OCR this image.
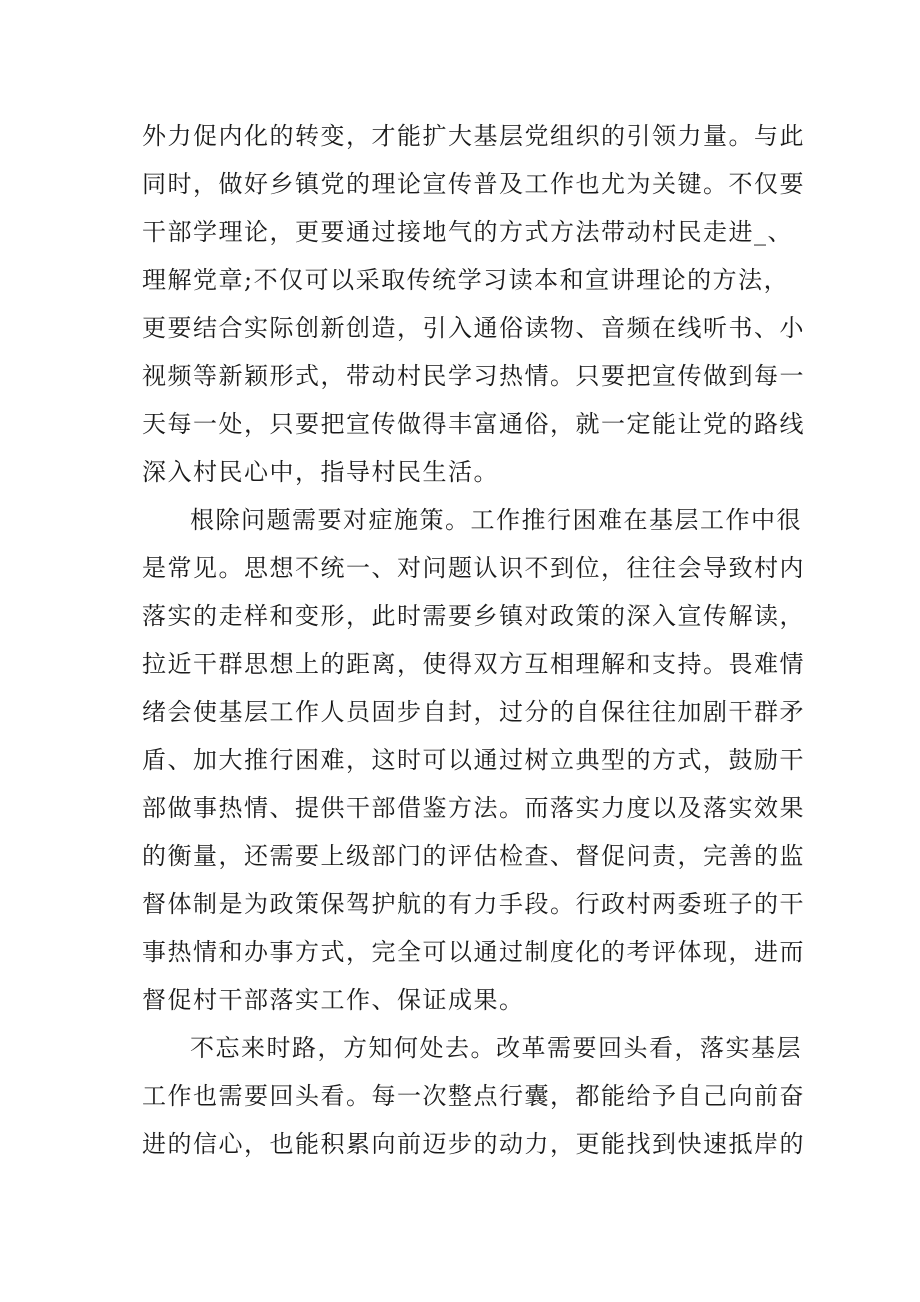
外力促内化的转变，才能扩大基层党组织的引领力量。与此
同时，做好乡镇党的理论宣传普及工作也尤为关键。不仅要
干部学理论，更要通过接地气的方式方法带动村民走进_、
理解党章;不仅可以采取传统学习读本和宣讲理论的方法，
更要结合实际创新创造，引入通俗读物、音频在线听书、小
视频等新颖形式，带动村民学习热情。只要把宣传做到每一
天每一处，只要把宣传做得丰富通俗，就一定能让党的路线
深入村民心中，指导村民生活。
根除问题需要对症施策。工作推行困难在基层工作中很
是常见。思想不统一、对问题认识不到位，往往会导致村内
落实的走样和变形，此时需要乡镇对政策的深入宣传解读，
拉近干群思想上的距离，使得双方互相理解和支持。畏难情
绪会使基层工作人员固步自封，过分的自保往往加剧干群矛
盾、加大推行困难，这时可以通过树立典型的方式，鼓励干
部做事热情、提供干部借鉴方法。而落实力度以及落实效果
的衡量，还需要上级部门的评估检查、督促问责，完善的监
督体制是为政策保驾护航的有力手段。行政村两委班子的干
事热情和办事方式，完全可以通过制度化的考评体现，进而
督促村干部落实工作、保证成果。
不忘来时路，方知何处去。改革需要回头看，落实基层
工作也需要回头看。每一次整点行囊，都能给予自己向前奋
进的信心，也能积累向前迈步的动力，更能找到快速抵岸的
